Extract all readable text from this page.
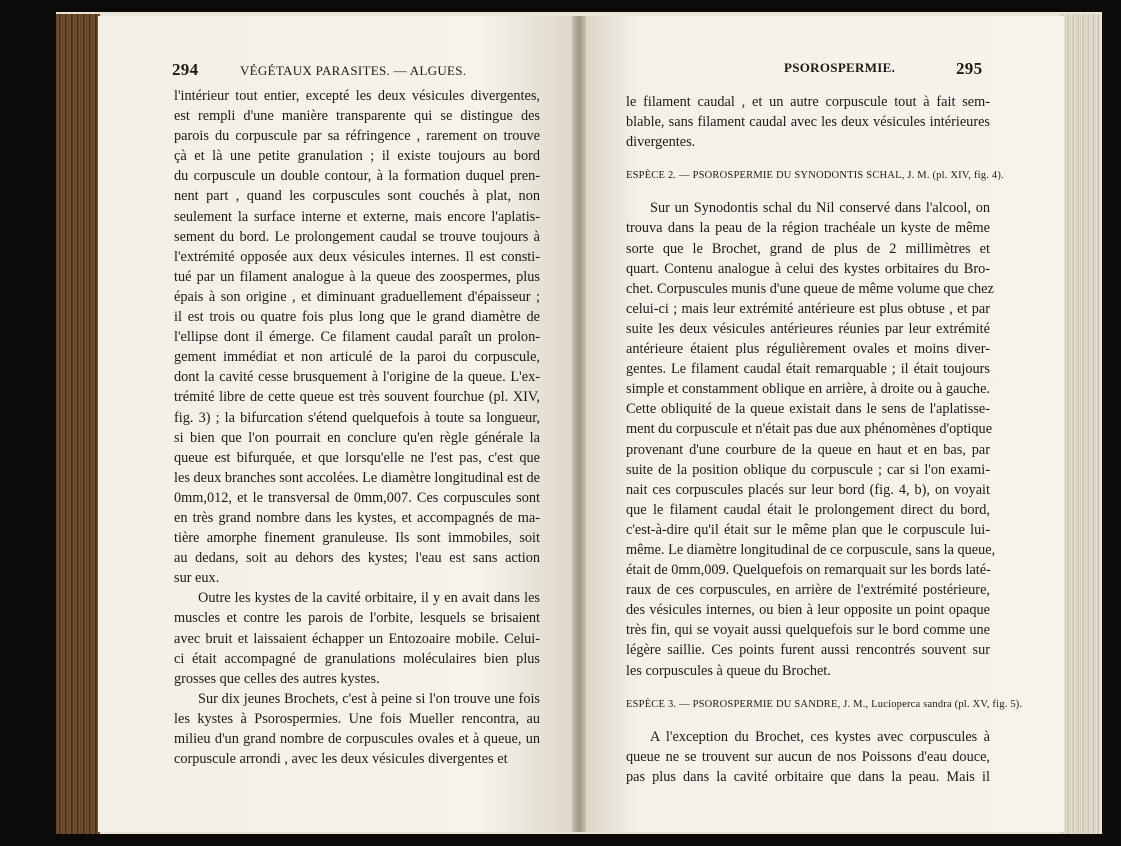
294	VÉGÉTAUX PARASITES. — ALGUES.	PSOROSPERMIE.	295
l'intérieur tout entier, excepté les deux vésicules divergentes,
est rempli d'une manière transparente qui se distingue des
parois du corpuscule par sa réfringence , rarement on trouve
çà et là une petite granulation ; il existe toujours au bord
du corpuscule un double contour, à la formation duquel pren-
nent part , quand les corpuscules sont couchés à plat, non
seulement la surface interne et externe, mais encore l'aplatis-
sement du bord. Le prolongement caudal se trouve toujours à
l'extrémité opposée aux deux vésicules internes. Il est consti-
tué par un filament analogue à la queue des zoospermes, plus
épais à son origine , et diminuant graduellement d'épaisseur ;
il est trois ou quatre fois plus long que le grand diamètre de
l'ellipse dont il émerge. Ce filament caudal paraît un prolon-
gement immédiat et non articulé de la paroi du corpuscule,
dont la cavité cesse brusquement à l'origine de la queue. L'ex-
trémité libre de cette queue est très souvent fourchue (pl. XIV,
fig. 3) ; la bifurcation s'étend quelquefois à toute sa longueur,
si bien que l'on pourrait en conclure qu'en règle générale la
queue est bifurquée, et que lorsqu'elle ne l'est pas, c'est que
les deux branches sont accolées. Le diamètre longitudinal est de
0mm,012, et le transversal de 0mm,007. Ces corpuscules sont
en très grand nombre dans les kystes, et accompagnés de ma-
tière amorphe finement granuleuse. Ils sont immobiles, soit
au dedans, soit au dehors des kystes; l'eau est sans action
sur eux.
Outre les kystes de la cavité orbitaire, il y en avait dans les
muscles et contre les parois de l'orbite, lesquels se brisaient
avec bruit et laissaient échapper un Entozoaire mobile. Celui-
ci était accompagné de granulations moléculaires bien plus
grosses que celles des autres kystes.
Sur dix jeunes Brochets, c'est à peine si l'on trouve une fois
les kystes à Psorospermies. Une fois Mueller rencontra, au
milieu d'un grand nombre de corpuscules ovales et à queue, un
corpuscule arrondi , avec les deux vésicules divergentes et
le filament caudal , et un autre corpuscule tout à fait sem-
blable, sans filament caudal avec les deux vésicules intérieures
divergentes.
ESPÈCE 2. — PSOROSPERMIE DU SYNODONTIS SCHAL, J. M. (pl. XIV, fig. 4).
Sur un Synodontis schal du Nil conservé dans l'alcool, on
trouva dans la peau de la région trachéale un kyste de même
sorte que le Brochet, grand de plus de 2 millimètres et
quart. Contenu analogue à celui des kystes orbitaires du Bro-
chet. Corpuscules munis d'une queue de même volume que chez
celui-ci ; mais leur extrémité antérieure est plus obtuse , et par
suite les deux vésicules antérieures réunies par leur extrémité
antérieure étaient plus régulièrement ovales et moins diver-
gentes. Le filament caudal était remarquable ; il était toujours
simple et constamment oblique en arrière, à droite ou à gauche.
Cette obliquité de la queue existait dans le sens de l'aplatisse-
ment du corpuscule et n'était pas due aux phénomènes d'optique
provenant d'une courbure de la queue en haut et en bas, par
suite de la position oblique du corpuscule ; car si l'on exami-
nait ces corpuscules placés sur leur bord (fig. 4, b), on voyait
que le filament caudal était le prolongement direct du bord,
c'est-à-dire qu'il était sur le même plan que le corpuscule lui-
même. Le diamètre longitudinal de ce corpuscule, sans la queue,
était de 0mm,009. Quelquefois on remarquait sur les bords laté-
raux de ces corpuscules, en arrière de l'extrémité postérieure,
des vésicules internes, ou bien à leur opposite un point opaque
très fin, qui se voyait aussi quelquefois sur le bord comme une
légère saillie. Ces points furent aussi rencontrés souvent sur
les corpuscules à queue du Brochet.
ESPÈCE 3. — PSOROSPERMIE DU SANDRE, J. M., Lucioperca sandra (pl. XV, fig. 5).
A l'exception du Brochet, ces kystes avec corpuscules à
queue ne se trouvent sur aucun de nos Poissons d'eau douce,
pas plus dans la cavité orbitaire que dans la peau. Mais il
